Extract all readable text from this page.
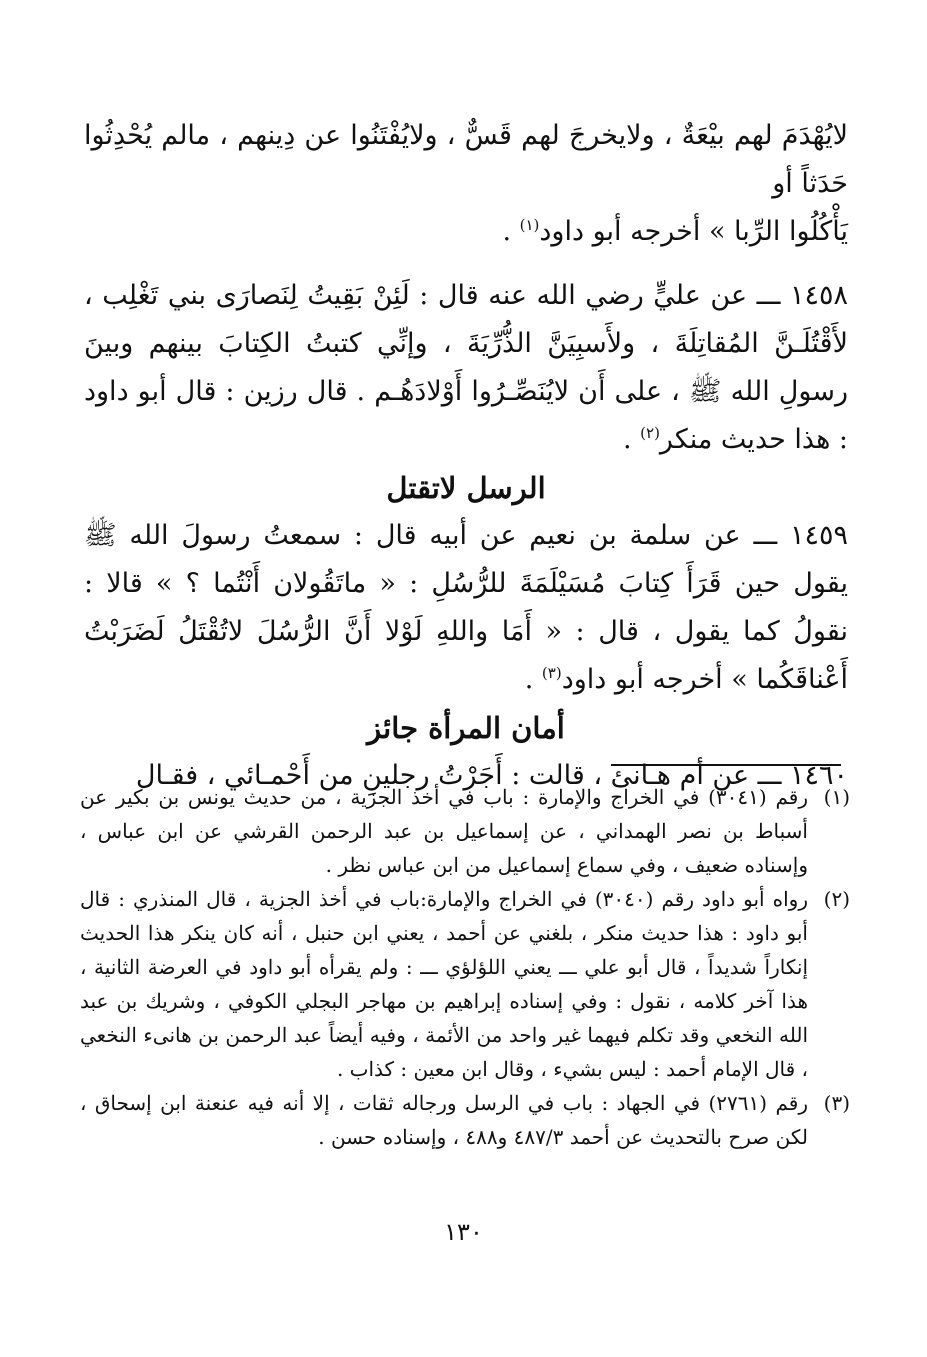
لايُهْدَمَ لهم بيْعَةٌ ، ولايخرجَ لهم قَسٌّ ، ولايُفْتَنُوا عن دِينهم ، مالم يُحْدِثُوا حَدَثاً أو
يَأْكُلُوا الرِّبا » أخرجه أبو داود$^{(١)}$ .

١٤٥٨ ـــ عن عليٍّ رضي الله عنه قال : لَئِنْ بَقِيتُ لِنَصارَى بني تَغْلِب ، لأَقْتُلَـنَّ المُقاتِلَةَ ، ولأَسبِيَنَّ الذُّرِّيَةَ ، وإنِّي كتبتُ الكِتابَ بينهم وبينَ رسولِ الله ﷺ ، على أَن لايُنَصِّـرُوا أَوْلادَهُـم . قال رزين : قال أبو داود : هذا حديث منكر$^{(٢)}$ .

الرسل لاتقتل

١٤٥٩ ـــ عن سلمة بن نعيم عن أبيه قال : سمعتُ رسولَ الله ﷺ يقول حين قَرَأَ كِتابَ مُسَيْلَمَةَ للرُّسُلِ : « ماتَقُولان أَنْتُما ؟ » قالا : نقولُ كما يقول ، قال : « أَمَا واللهِ لَوْلا أَنَّ الرُّسُلَ لاتُقْتَلُ لَضَرَبْتُ أَعْناقَكُما » أخرجه أبو داود$^{(٣)}$ .

أمان المرأة جائز

١٤٦٠ ـــ عن أم هـانئ ، قالت : أَجَرْتُ رجلينِ من أَحْمـائي ، فقـال

(١)
رقم (٣٠٤١) في الخراج والإمارة : باب في أخذ الجزية ، من حديث يونس بن بكير عن أسباط بن نصر الهمداني ، عن إسماعيل بن عبد الرحمن القرشي عن ابن عباس ، وإسناده ضعيف ، وفي سماع إسماعيل من ابن عباس نظر .

(٢)
رواه أبو داود رقم (٣٠٤٠) في الخراج والإمارة:باب في أخذ الجزية ، قال المنذري : قال أبو داود : هذا حديث منكر ، بلغني عن أحمد ، يعني ابن حنبل ، أنه كان ينكر هذا الحديث إنكاراً شديداً ، قال أبو علي ـــ يعني اللؤلؤي ـــ : ولم يقرأه أبو داود في العرضة الثانية ، هذا آخر كلامه ، نقول : وفي إسناده إبراهيم بن مهاجر البجلي الكوفي ، وشريك بن عبد الله النخعي وقد تكلم فيهما غير واحد من الأئمة ، وفيه أيضاً عبد الرحمن بن هانىء النخعي ، قال الإمام أحمد : ليس بشيء ، وقال ابن معين : كذاب .

(٣)
رقم (٢٧٦١) في الجهاد : باب في الرسل ورجاله ثقات ، إلا أنه فيه عنعنة ابن إسحاق ، لكن صرح بالتحديث عن أحمد ٤٨٧/٣ و٤٨٨ ، وإسناده حسن .

١٣٠
